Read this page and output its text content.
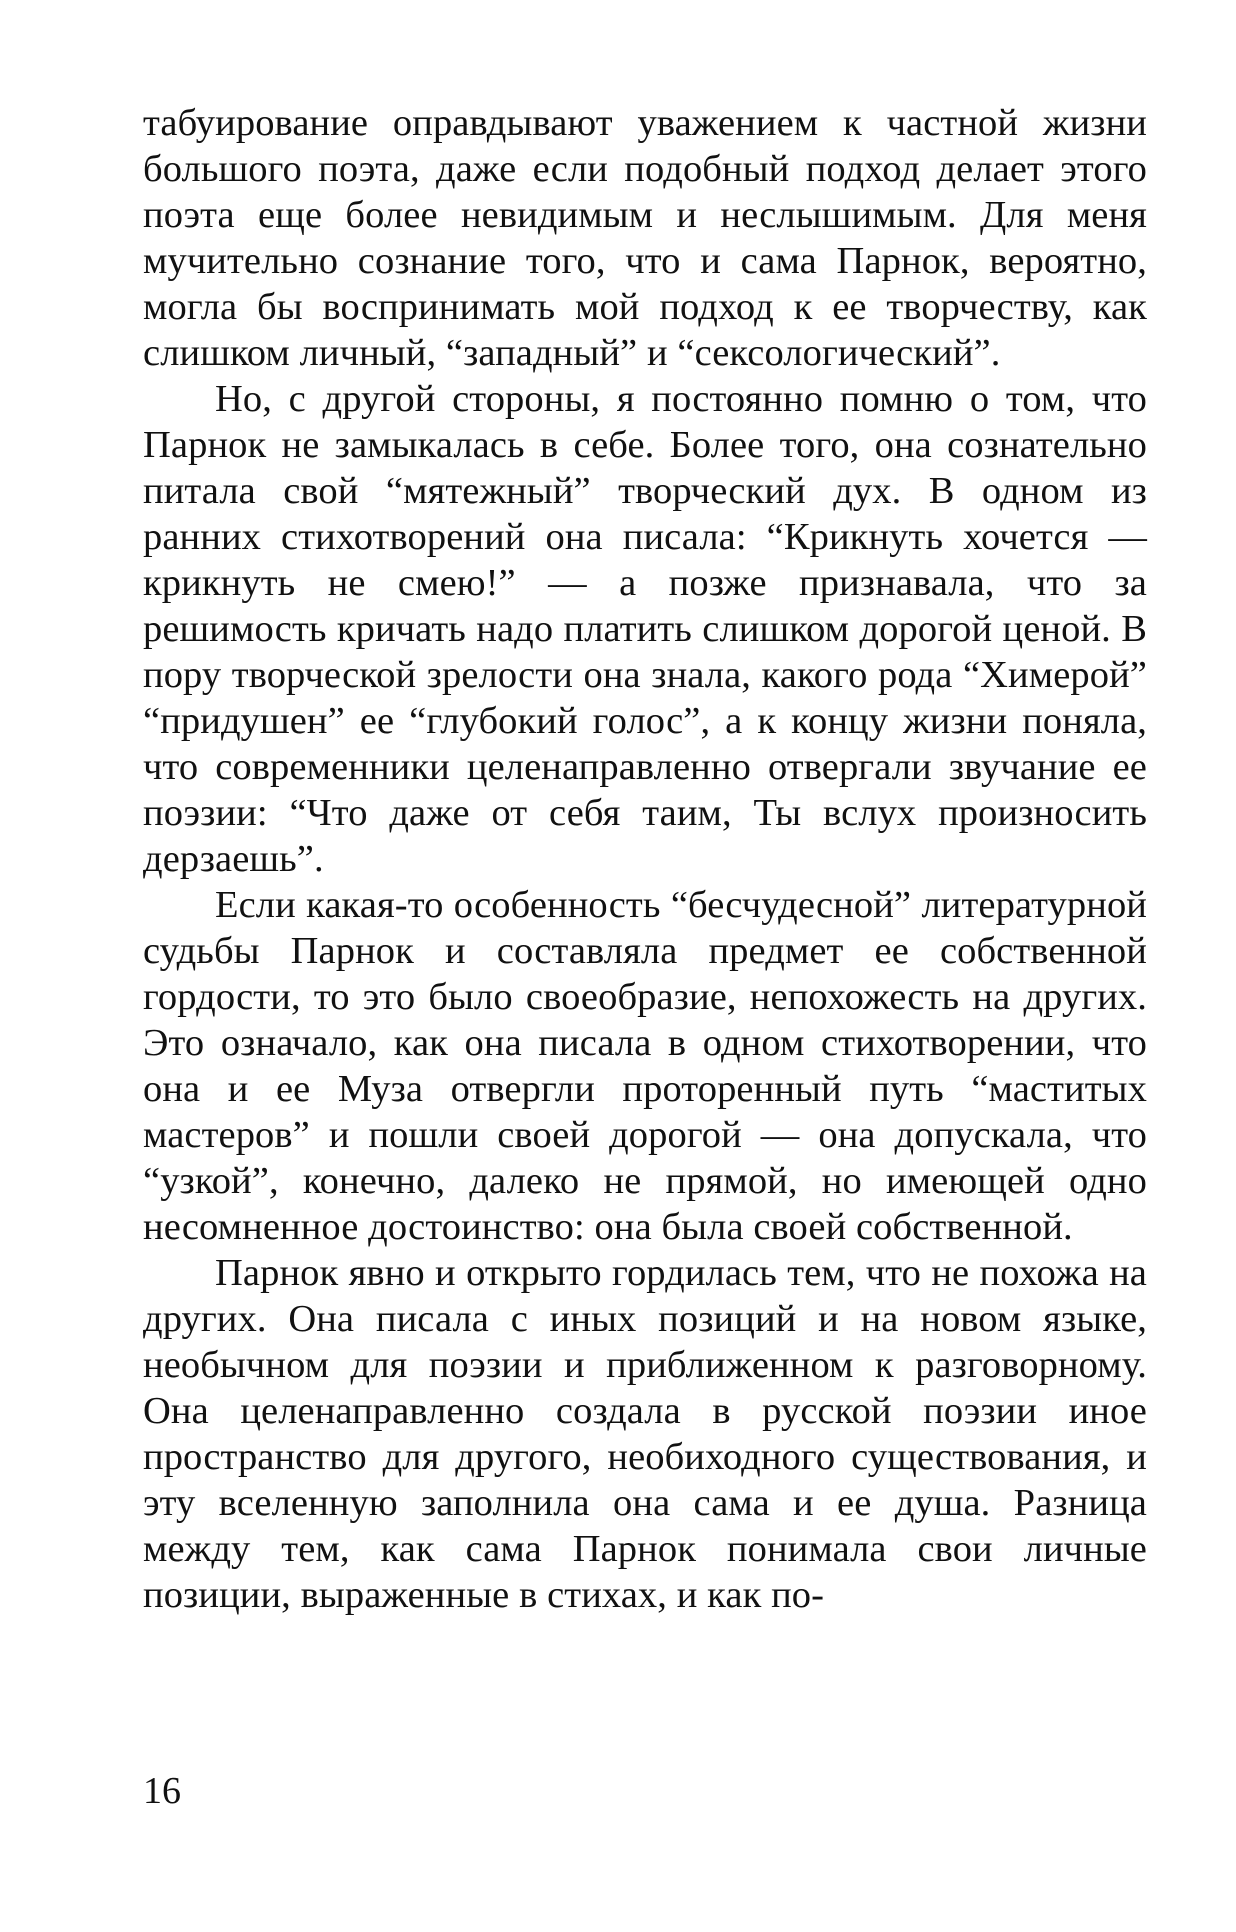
табуирование оправдывают уважением к частной жизни большого поэта, даже если подобный подход делает этого поэта еще более невидимым и неслышимым. Для меня мучительно сознание того, что и сама Парнок, вероятно, могла бы воспринимать мой подход к ее творчеству, как слишком личный, “западный” и “сексологический”.

Но, с другой стороны, я постоянно помню о том, что Парнок не замыкалась в себе. Более того, она сознательно питала свой “мятежный” творческий дух. В одном из ранних стихотворений она писала: “Крикнуть хочется — крикнуть не смею!” — а позже признавала, что за решимость кричать надо платить слишком дорогой ценой. В пору творческой зрелости она знала, какого рода “Химерой” “придушен” ее “глубокий голос”, а к концу жизни поняла, что современники целенаправленно отвергали звучание ее поэзии: “Что даже от себя таим, Ты вслух произносить дерзаешь”.

Если какая-то особенность “бесчудесной” литературной судьбы Парнок и составляла предмет ее собственной гордости, то это было своеобразие, непохожесть на других. Это означало, как она писала в одном стихотворении, что она и ее Муза отвергли проторенный путь “маститых мастеров” и пошли своей дорогой — она допускала, что “узкой”, конечно, далеко не прямой, но имеющей одно несомненное достоинство: она была своей собственной.

Парнок явно и открыто гордилась тем, что не похожа на других. Она писала с иных позиций и на новом языке, необычном для поэзии и приближенном к разговорному. Она целенаправленно создала в русской поэзии иное пространство для другого, необиходного существования, и эту вселенную заполнила она сама и ее душа. Разница между тем, как сама Парнок понимала свои личные позиции, выраженные в стихах, и как по-

16
